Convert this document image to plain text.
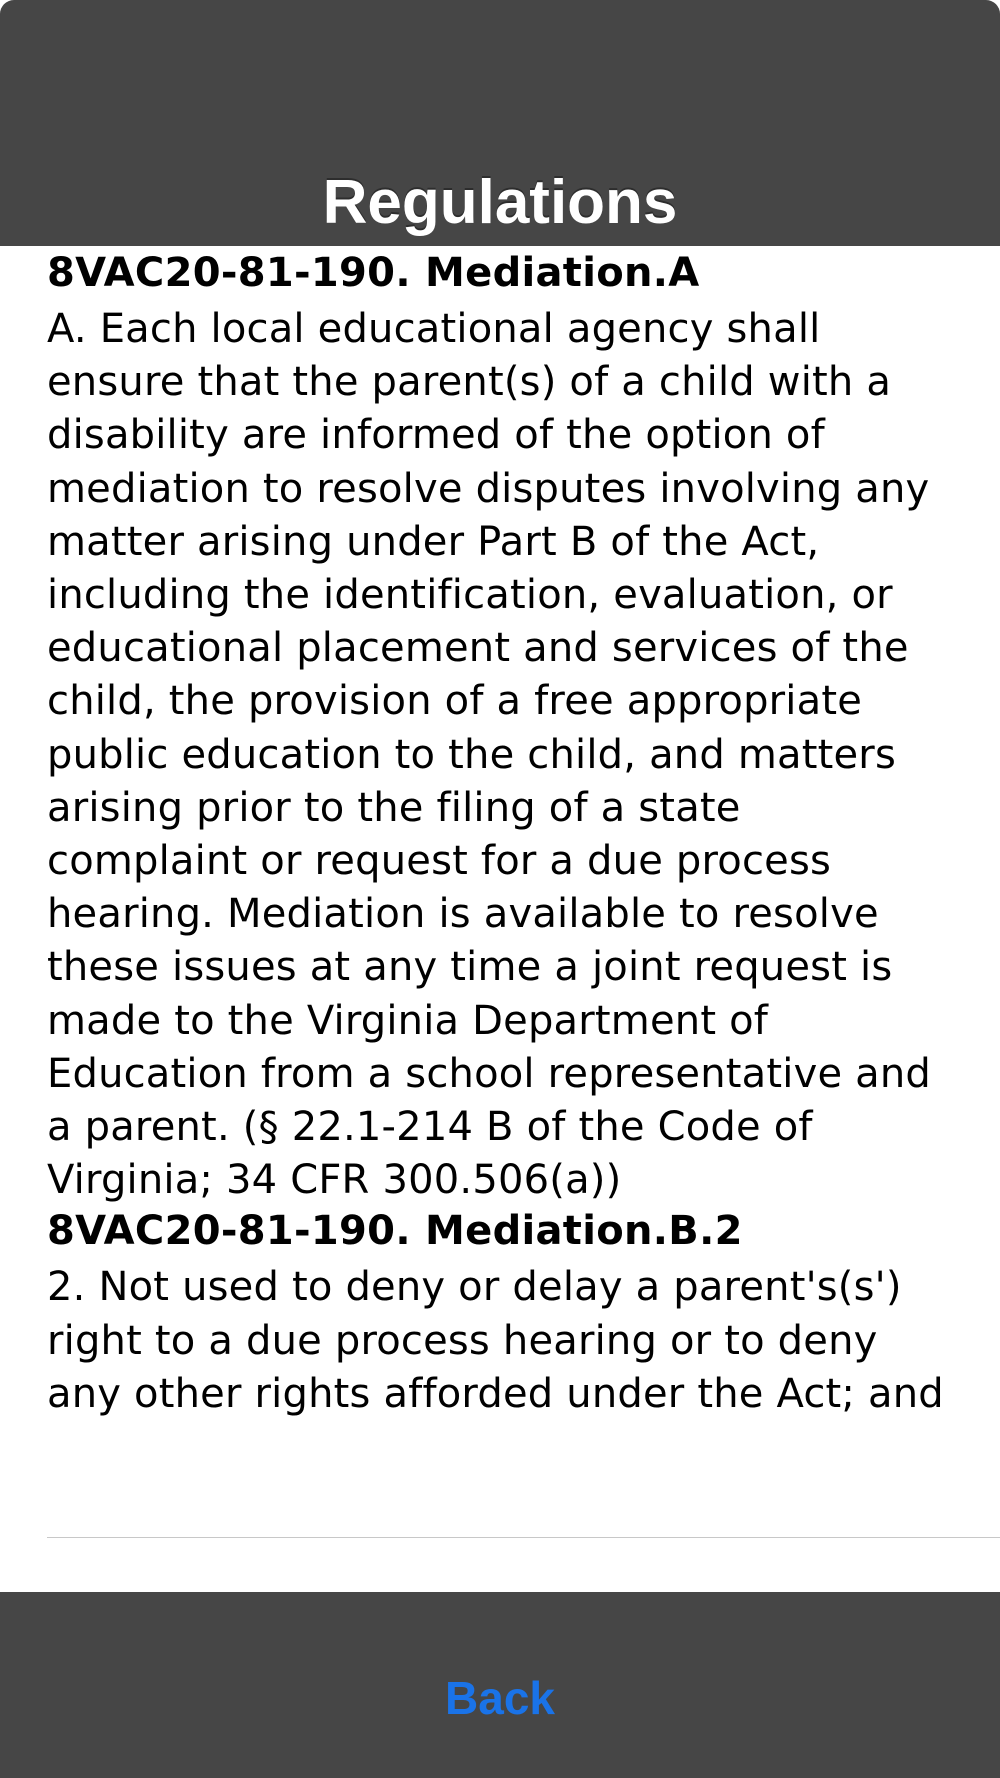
Regulations
8VAC20-81-190. Mediation.A

A. Each local educational agency shall ensure that the parent(s) of a child with a disability are informed of the option of mediation to resolve disputes involving any matter arising under Part B of the Act, including the identification, evaluation, or educational placement and services of the child, the provision of a free appropriate public education to the child, and matters arising prior to the filing of a state complaint or request for a due process hearing. Mediation is available to resolve these issues at any time a joint request is made to the Virginia Department of Education from a school representative and a parent. (§ 22.1-214 B of the Code of Virginia; 34 CFR 300.506(a))

8VAC20-81-190. Mediation.B.2

2. Not used to deny or delay a parent's(s') right to a due process hearing or to deny any other rights afforded under the Act; and

Back
